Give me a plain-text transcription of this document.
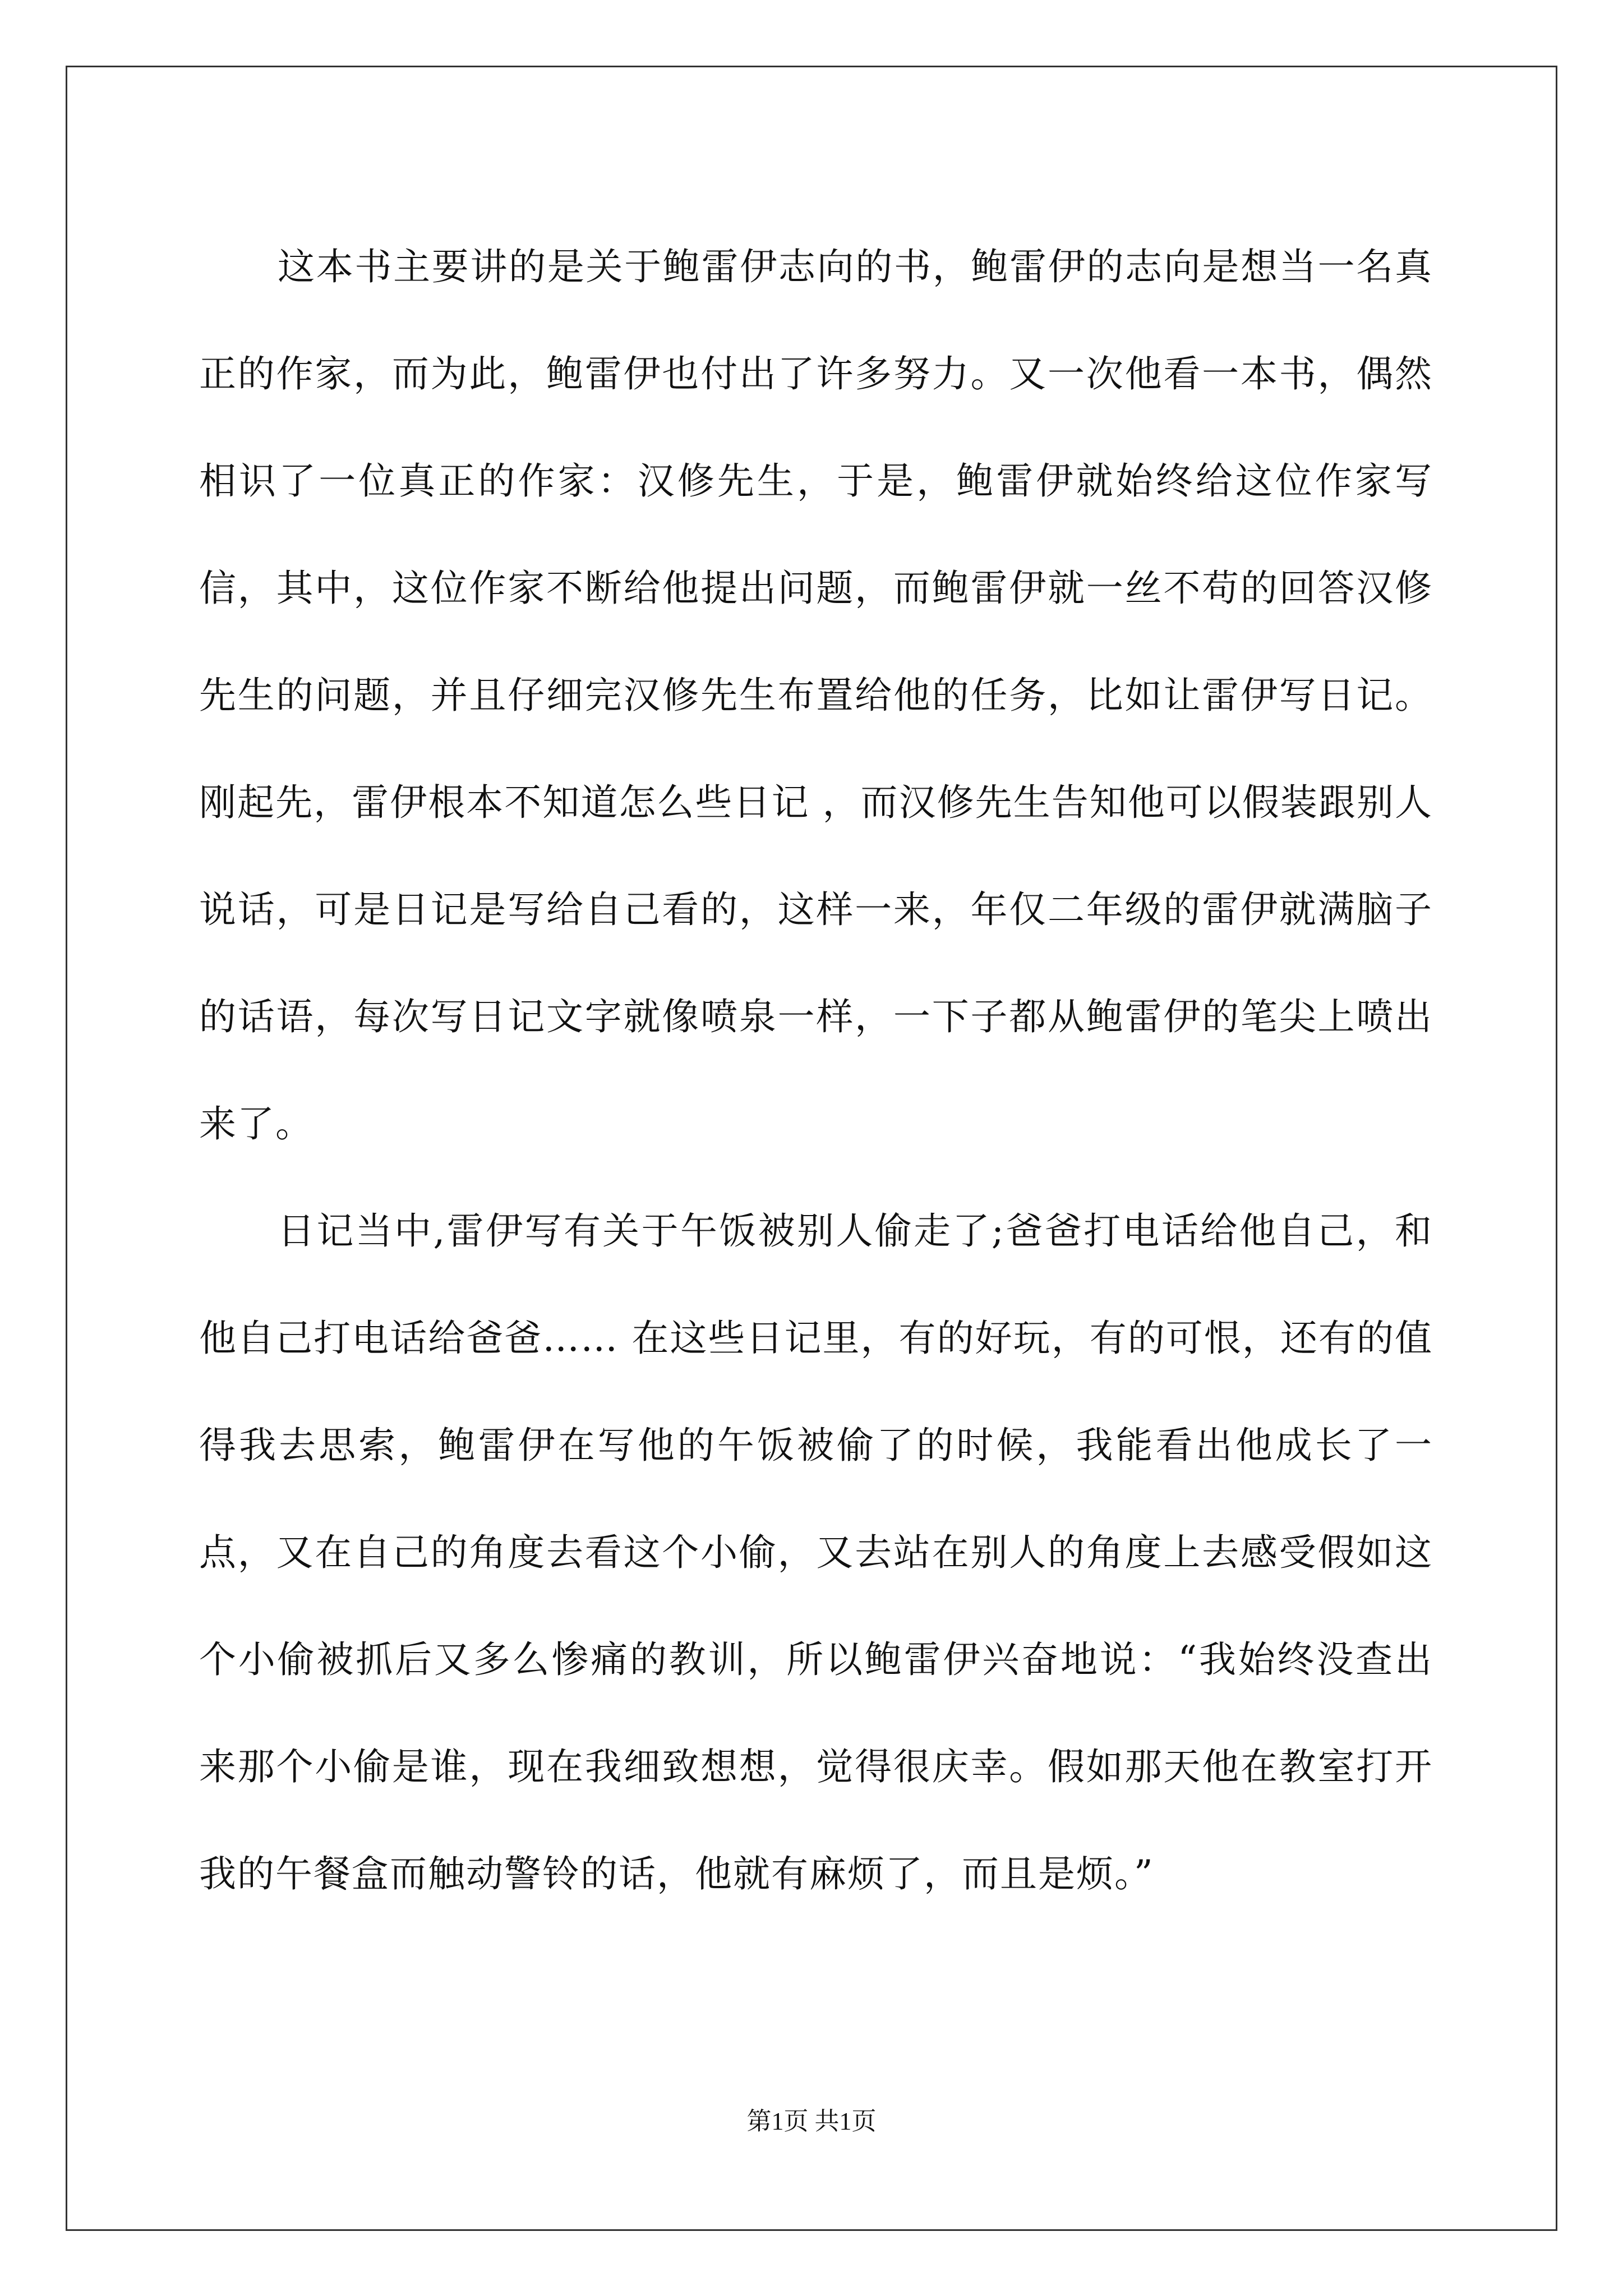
这本书主要讲的是关于鲍雷伊志向的书，鲍雷伊的志向是想当一名真正的作家，而为此，鲍雷伊也付出了许多努力。又一次他看一本书，偶然相识了一位真正的作家：汉修先生，于是，鲍雷伊就始终给这位作家写信，其中，这位作家不断给他提出问题，而鲍雷伊就一丝不苟的回答汉修先生的问题，并且仔细完汉修先生布置给他的任务，比如让雷伊写日记。刚起先，雷伊根本不知道怎么些日记 ，而汉修先生告知他可以假装跟别人说话，可是日记是写给自己看的，这样一来，年仅二年级的雷伊就满脑子的话语，每次写日记文字就像喷泉一样，一下子都从鲍雷伊的笔尖上喷出来了。

日记当中,雷伊写有关于午饭被别人偷走了;爸爸打电话给他自己，和他自己打电话给爸爸…… 在这些日记里，有的好玩，有的可恨，还有的值得我去思索，鲍雷伊在写他的午饭被偷了的时候，我能看出他成长了一点，又在自己的角度去看这个小偷，又去站在别人的角度上去感受假如这个小偷被抓后又多么惨痛的教训，所以鲍雷伊兴奋地说：“我始终没查出来那个小偷是谁，现在我细致想想，觉得很庆幸。假如那天他在教室打开我的午餐盒而触动警铃的话，他就有麻烦了，而且是烦。”

第1页 共1页
